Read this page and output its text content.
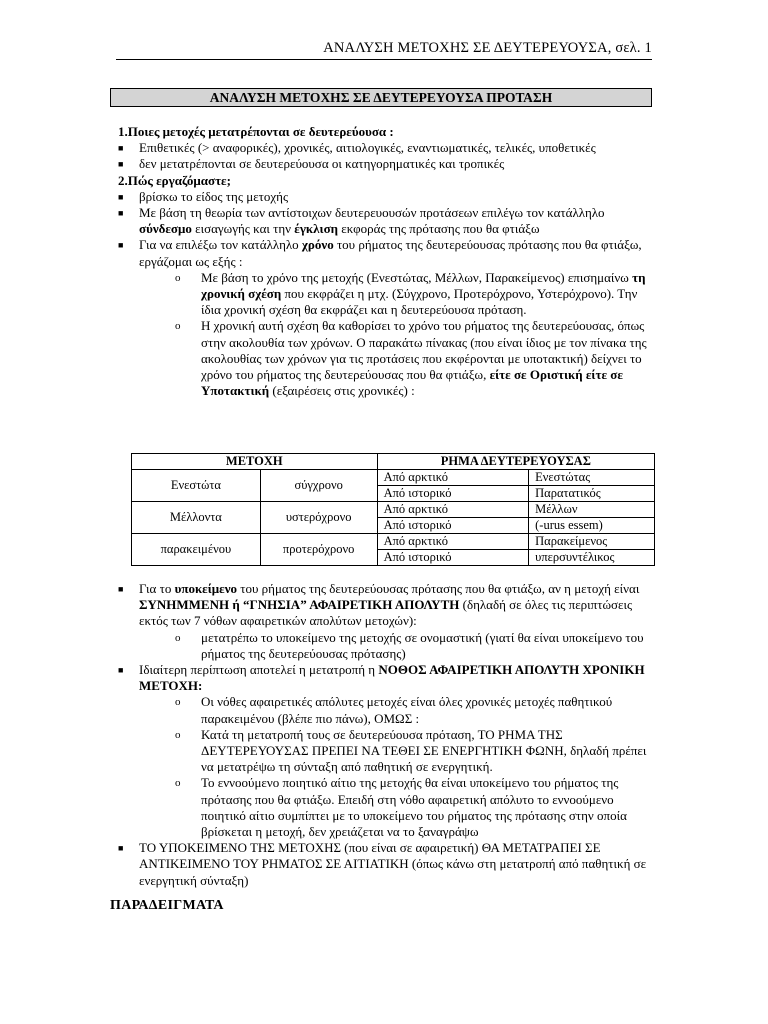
ΑΝΑΛΥΣΗ ΜΕΤΟΧΗΣ ΣΕ ΔΕΥΤΕΡΕΥΟΥΣΑ, σελ. 1
ΑΝΑΛΥΣΗ ΜΕΤΟΧΗΣ ΣΕ ΔΕΥΤΕΡΕΥΟΥΣΑ ΠΡΟΤΑΣΗ

1.Ποιες μετοχές μετατρέπονται σε δευτερεύουσα :

■ Επιθετικές (> αναφορικές), χρονικές, αιτιολογικές, εναντιωματικές, τελικές, υποθετικές

■ δεν μετατρέπονται σε δευτερεύουσα οι κατηγορηματικές και τροπικές

2.Πώς εργαζόμαστε;

■ βρίσκω το είδος της μετοχής

■ Με βάση τη θεωρία των αντίστοιχων δευτερευουσών προτάσεων επιλέγω τον κατάλληλο σύνδεσμο εισαγωγής και την έγκλιση εκφοράς της πρότασης που θα φτιάξω

■ Για να επιλέξω τον κατάλληλο χρόνο του ρήματος της δευτερεύουσας πρότασης που θα φτιάξω, εργάζομαι ως εξής :

o Με βάση το χρόνο της μετοχής (Ενεστώτας, Μέλλων, Παρακείμενος) επισημαίνω τη χρονική σχέση που εκφράζει η μτχ. (Σύγχρονο, Προτερόχρονο, Υστερόχρονο). Την ίδια χρονική σχέση θα εκφράζει και η δευτερεύουσα πρόταση.

o Η χρονική αυτή σχέση θα καθορίσει το χρόνο του ρήματος της δευτερεύουσας, όπως στην ακολουθία των χρόνων. Ο παρακάτω πίνακας (που είναι ίδιος με τον πίνακα της ακολουθίας των χρόνων για τις προτάσεις που εκφέρονται με υποτακτική) δείχνει το χρόνο του ρήματος της δευτερεύουσας που θα φτιάξω, είτε σε Οριστική είτε σε Υποτακτική (εξαιρέσεις στις χρονικές) :

ΜΕΤΟΧΗ		ΡΗΜΑ ΔΕΥΤΕΡΕΥΟΥΣΑΣ	
Ενεστώτα	σύγχρονο	Από αρκτικό	Ενεστώτας
		Από ιστορικό	Παρατατικός
Μέλλοντα	υστερόχρονο	Από αρκτικό	Μέλλων
		Από ιστορικό	(-urus essem)
παρακειμένου	προτερόχρονο	Από αρκτικό	Παρακείμενος
		Από ιστορικό	υπερσυντέλικος

■ Για το υποκείμενο του ρήματος της δευτερεύουσας πρότασης που θα φτιάξω, αν η μετοχή είναι ΣΥΝΗΜΜΕΝΗ ή “ΓΝΗΣΙΑ” ΑΦΑΙΡΕΤΙΚΗ ΑΠΟΛΥΤΗ (δηλαδή σε όλες τις περιπτώσεις εκτός των 7 νόθων αφαιρετικών απολύτων μετοχών):

o μετατρέπω το υποκείμενο της μετοχής σε ονομαστική (γιατί θα είναι υποκείμενο του ρήματος της δευτερεύουσας πρότασης)

■ Ιδιαίτερη περίπτωση αποτελεί η μετατροπή η ΝΟΘΟΣ ΑΦΑΙΡΕΤΙΚΗ ΑΠΟΛΥΤΗ ΧΡΟΝΙΚΗ ΜΕΤΟΧΗ:

o Οι νόθες αφαιρετικές απόλυτες μετοχές είναι όλες χρονικές μετοχές παθητικού παρακειμένου (βλέπε πιο πάνω), ΟΜΩΣ :

o Κατά τη μετατροπή τους σε δευτερεύουσα πρόταση, ΤΟ ΡΗΜΑ ΤΗΣ ΔΕΥΤΕΡΕΥΟΥΣΑΣ ΠΡΕΠΕΙ ΝΑ ΤΕΘΕΙ ΣΕ ΕΝΕΡΓΗΤΙΚΗ ΦΩΝΗ, δηλαδή πρέπει να μετατρέψω τη σύνταξη από παθητική σε ενεργητική.

o Το εννοούμενο ποιητικό αίτιο της μετοχής θα είναι υποκείμενο του ρήματος της πρότασης που θα φτιάξω. Επειδή στη νόθο αφαιρετική απόλυτο το εννοούμενο ποιητικό αίτιο συμπίπτει με το υποκείμενο του ρήματος της πρότασης στην οποία βρίσκεται η μετοχή, δεν χρειάζεται να το ξαναγράψω

■ ΤΟ ΥΠΟΚΕΙΜΕΝΟ ΤΗΣ ΜΕΤΟΧΗΣ (που είναι σε αφαιρετική) ΘΑ ΜΕΤΑΤΡΑΠΕΙ ΣΕ ΑΝΤΙΚΕΙΜΕΝΟ ΤΟΥ ΡΗΜΑΤΟΣ ΣΕ ΑΙΤΙΑΤΙΚΗ (όπως κάνω στη μετατροπή από παθητική σε ενεργητική σύνταξη)

ΠΑΡΑΔΕΙΓΜΑΤΑ
